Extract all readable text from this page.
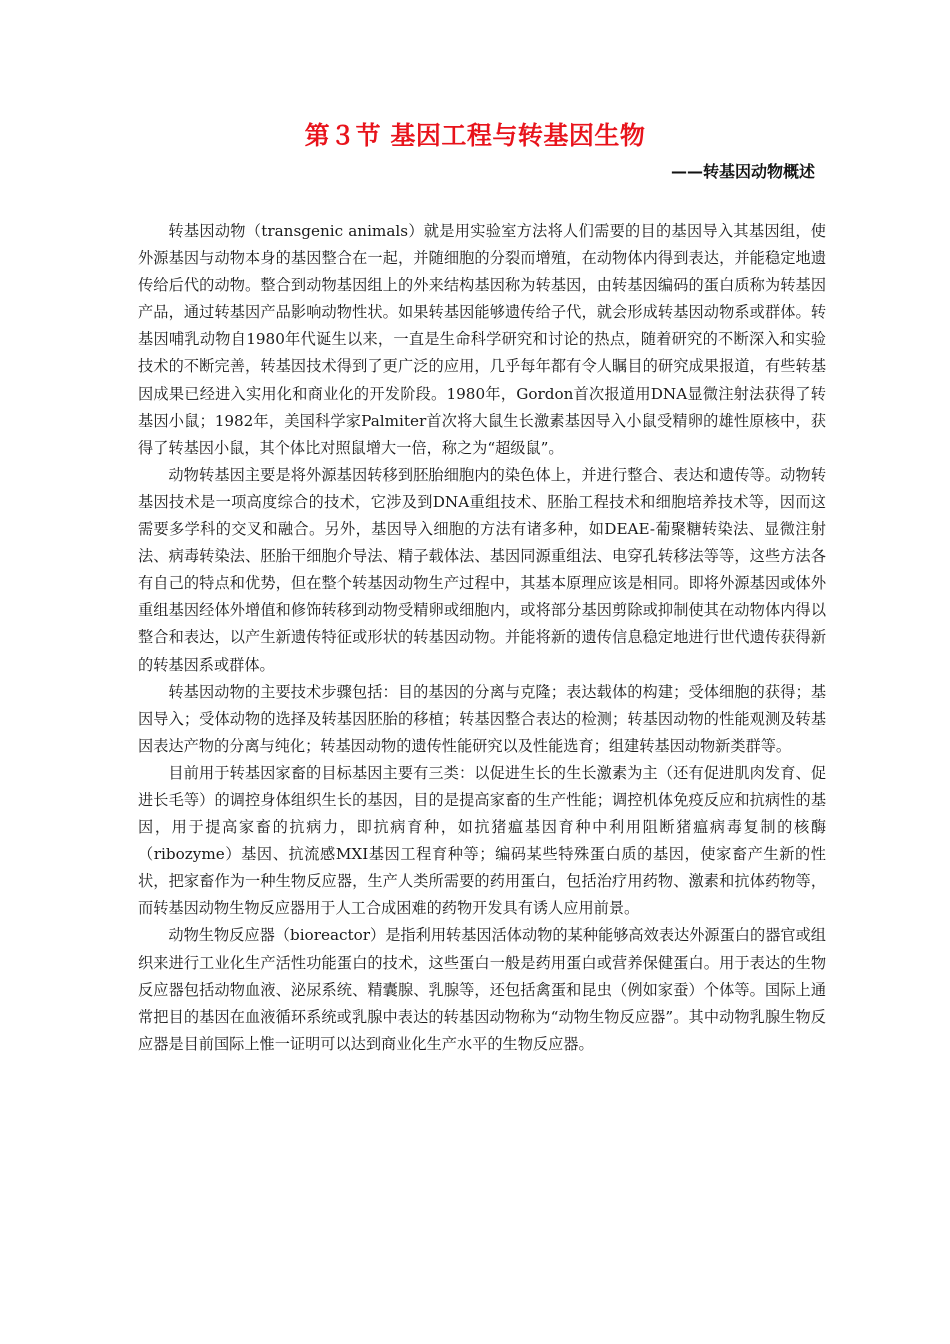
第３节 基因工程与转基因生物
——转基因动物概述

转基因动物（transgenic animals）就是用实验室方法将人们需要的目的基因导入其基因组，使外源基因与动物本身的基因整合在一起，并随细胞的分裂而增殖，在动物体内得到表达，并能稳定地遗传给后代的动物。整合到动物基因组上的外来结构基因称为转基因，由转基因编码的蛋白质称为转基因产品，通过转基因产品影响动物性状。如果转基因能够遗传给子代，就会形成转基因动物系或群体。转基因哺乳动物自1980年代诞生以来，一直是生命科学研究和讨论的热点，随着研究的不断深入和实验技术的不断完善，转基因技术得到了更广泛的应用，几乎每年都有令人瞩目的研究成果报道，有些转基因成果已经进入实用化和商业化的开发阶段。1980年，Gordon首次报道用DNA显微注射法获得了转基因小鼠；1982年，美国科学家Palmiter首次将大鼠生长激素基因导入小鼠受精卵的雄性原核中，获得了转基因小鼠，其个体比对照鼠增大一倍，称之为“超级鼠”。

动物转基因主要是将外源基因转移到胚胎细胞内的染色体上，并进行整合、表达和遗传等。动物转基因技术是一项高度综合的技术，它涉及到DNA重组技术、胚胎工程技术和细胞培养技术等，因而这需要多学科的交叉和融合。另外，基因导入细胞的方法有诸多种，如DEAE-葡聚糖转染法、显微注射法、病毒转染法、胚胎干细胞介导法、精子载体法、基因同源重组法、电穿孔转移法等等，这些方法各有自己的特点和优势，但在整个转基因动物生产过程中，其基本原理应该是相同。即将外源基因或体外重组基因经体外增值和修饰转移到动物受精卵或细胞内，或将部分基因剪除或抑制使其在动物体内得以整合和表达，以产生新遗传特征或形状的转基因动物。并能将新的遗传信息稳定地进行世代遗传获得新的转基因系或群体。

转基因动物的主要技术步骤包括：目的基因的分离与克隆；表达载体的构建；受体细胞的获得；基因导入；受体动物的选择及转基因胚胎的移植；转基因整合表达的检测；转基因动物的性能观测及转基因表达产物的分离与纯化；转基因动物的遗传性能研究以及性能选育；组建转基因动物新类群等。

目前用于转基因家畜的目标基因主要有三类：以促进生长的生长激素为主（还有促进肌肉发育、促进长毛等）的调控身体组织生长的基因，目的是提高家畜的生产性能；调控机体免疫反应和抗病性的基因，用于提高家畜的抗病力，即抗病育种，如抗猪瘟基因育种中利用阻断猪瘟病毒复制的核酶（ribozyme）基因、抗流感MXI基因工程育种等；编码某些特殊蛋白质的基因，使家畜产生新的性状，把家畜作为一种生物反应器，生产人类所需要的药用蛋白，包括治疗用药物、激素和抗体药物等，而转基因动物生物反应器用于人工合成困难的药物开发具有诱人应用前景。

动物生物反应器（bioreactor）是指利用转基因活体动物的某种能够高效表达外源蛋白的器官或组织来进行工业化生产活性功能蛋白的技术，这些蛋白一般是药用蛋白或营养保健蛋白。用于表达的生物反应器包括动物血液、泌尿系统、精囊腺、乳腺等，还包括禽蛋和昆虫（例如家蚕）个体等。国际上通常把目的基因在血液循环系统或乳腺中表达的转基因动物称为“动物生物反应器”。其中动物乳腺生物反应器是目前国际上惟一证明可以达到商业化生产水平的生物反应器。
